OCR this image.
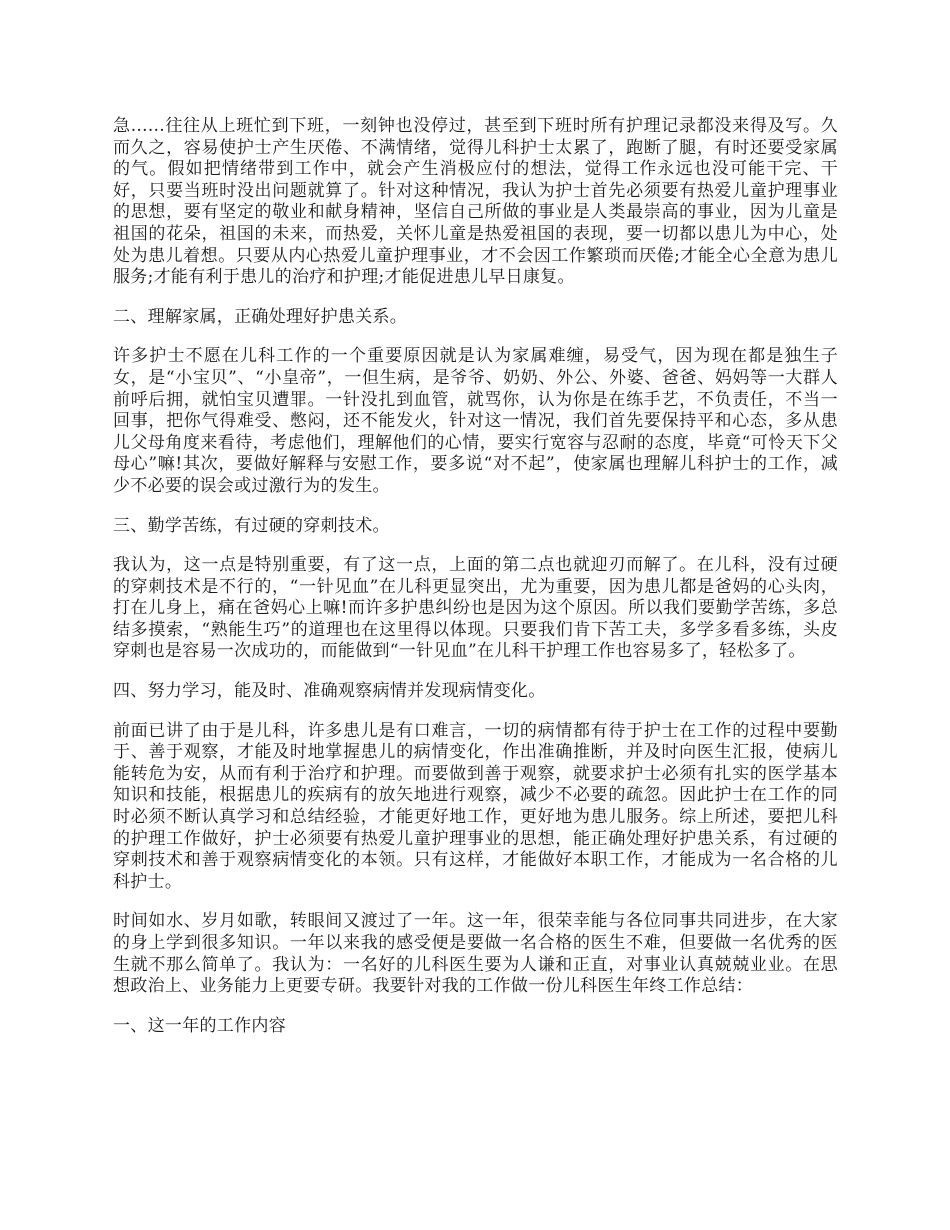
急......往往从上班忙到下班，一刻钟也没停过，甚至到下班时所有护理记录都没来得及写。久而久之，容易使护士产生厌倦、不满情绪，觉得儿科护士太累了，跑断了腿，有时还要受家属的气。假如把情绪带到工作中，就会产生消极应付的想法，觉得工作永远也没可能干完、干好，只要当班时没出问题就算了。针对这种情况，我认为护士首先必须要有热爱儿童护理事业的思想，要有坚定的敬业和献身精神，坚信自己所做的事业是人类最崇高的事业，因为儿童是祖国的花朵，祖国的未来，而热爱，关怀儿童是热爱祖国的表现，要一切都以患儿为中心，处处为患儿着想。只要从内心热爱儿童护理事业，才不会因工作繁琐而厌倦;才能全心全意为患儿服务;才能有利于患儿的治疗和护理;才能促进患儿早日康复。

二、理解家属，正确处理好护患关系。

许多护士不愿在儿科工作的一个重要原因就是认为家属难缠，易受气，因为现在都是独生子女，是“小宝贝”、“小皇帝”，一但生病，是爷爷、奶奶、外公、外婆、爸爸、妈妈等一大群人前呼后拥，就怕宝贝遭罪。一针没扎到血管，就骂你，认为你是在练手艺，不负责任，不当一回事，把你气得难受、憋闷，还不能发火，针对这一情况，我们首先要保持平和心态，多从患儿父母角度来看待，考虑他们，理解他们的心情，要实行宽容与忍耐的态度，毕竟“可怜天下父母心”嘛!其次，要做好解释与安慰工作，要多说“对不起”，使家属也理解儿科护士的工作，减少不必要的误会或过激行为的发生。

三、勤学苦练，有过硬的穿刺技术。

我认为，这一点是特别重要，有了这一点，上面的第二点也就迎刃而解了。在儿科，没有过硬的穿刺技术是不行的，“一针见血”在儿科更显突出，尤为重要，因为患儿都是爸妈的心头肉，打在儿身上，痛在爸妈心上嘛!而许多护患纠纷也是因为这个原因。所以我们要勤学苦练，多总结多摸索，“熟能生巧”的道理也在这里得以体现。只要我们肯下苦工夫，多学多看多练，头皮穿刺也是容易一次成功的，而能做到“一针见血”在儿科干护理工作也容易多了，轻松多了。

四、努力学习，能及时、准确观察病情并发现病情变化。

前面已讲了由于是儿科，许多患儿是有口难言，一切的病情都有待于护士在工作的过程中要勤于、善于观察，才能及时地掌握患儿的病情变化，作出准确推断，并及时向医生汇报，使病儿能转危为安，从而有利于治疗和护理。而要做到善于观察，就要求护士必须有扎实的医学基本知识和技能，根据患儿的疾病有的放矢地进行观察，减少不必要的疏忽。因此护士在工作的同时必须不断认真学习和总结经验，才能更好地工作，更好地为患儿服务。综上所述，要把儿科的护理工作做好，护士必须要有热爱儿童护理事业的思想，能正确处理好护患关系，有过硬的穿刺技术和善于观察病情变化的本领。只有这样，才能做好本职工作，才能成为一名合格的儿科护士。

时间如水、岁月如歌，转眼间又渡过了一年。这一年，很荣幸能与各位同事共同进步，在大家的身上学到很多知识。一年以来我的感受便是要做一名合格的医生不难，但要做一名优秀的医生就不那么简单了。我认为：一名好的儿科医生要为人谦和正直，对事业认真兢兢业业。在思想政治上、业务能力上更要专研。我要针对我的工作做一份儿科医生年终工作总结：

一、这一年的工作内容
